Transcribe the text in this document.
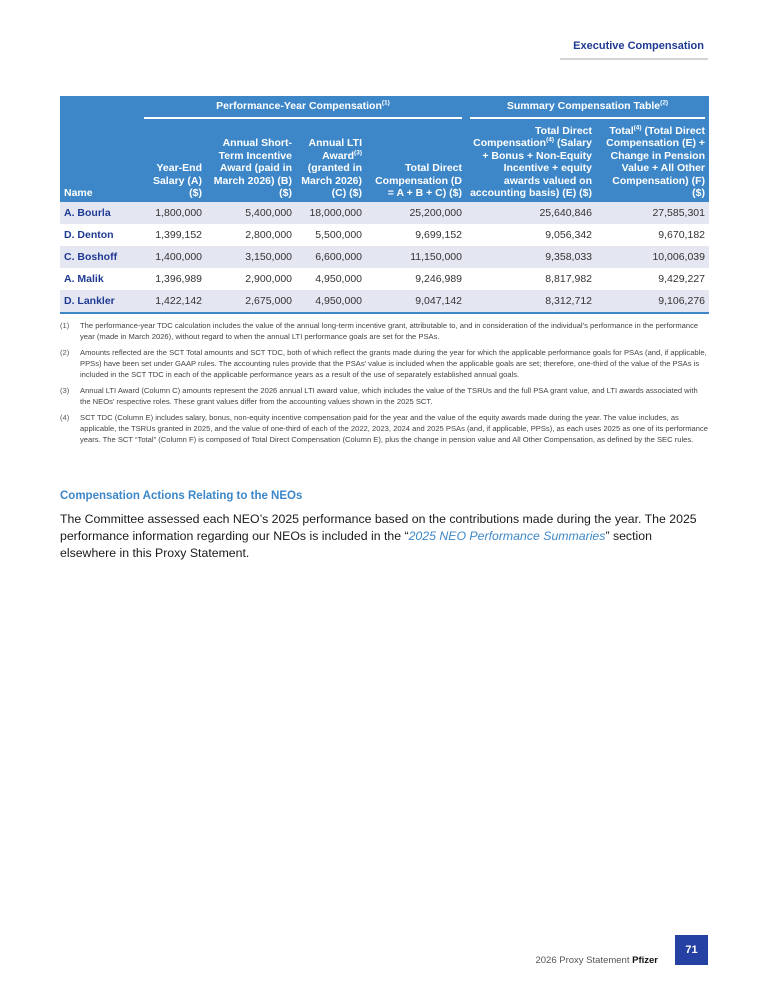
Executive Compensation

	Performance-Year Compensation$^{(1)}$				Summary Compensation Table$^{(2)}$

Name	Year-End Salary (A) ($)	Annual Short-Term Incentive Award (paid in March 2026) (B) ($)	Annual LTI Award$^{(3)}$ (granted in March 2026) (C) ($)	Total Direct Compensation (D = A + B + C) ($)	Total Direct Compensation$^{(4)}$ (Salary + Bonus + Non-Equity Incentive + equity awards valued on accounting basis) (E) ($)	Total$^{(4)}$ (Total Direct Compensation (E) + Change in Pension Value + All Other Compensation) (F) ($)
A. Bourla	1,800,000	5,400,000	18,000,000	25,200,000	25,640,846	27,585,301
D. Denton	1,399,152	2,800,000	5,500,000	9,699,152	9,056,342	9,670,182
C. Boshoff	1,400,000	3,150,000	6,600,000	11,150,000	9,358,033	10,006,039
A. Malik	1,396,989	2,900,000	4,950,000	9,246,989	8,817,982	9,429,227
D. Lankler	1,422,142	2,675,000	4,950,000	9,047,142	8,312,712	9,106,276
(1)	The performance-year TDC calculation includes the value of the annual long-term incentive grant, attributable to, and in consideration of the individual’s performance in the performance year (made in March 2026), without regard to when the annual LTI performance goals are set for the PSAs.
(2)	Amounts reflected are the SCT Total amounts and SCT TDC, both of which reflect the grants made during the year for which the applicable performance goals for PSAs (and, if applicable, PPSs) have been set under GAAP rules. The accounting rules provide that the PSAs’ value is included when the applicable goals are set; therefore, one-third of the value of the PSAs is included in the SCT TDC in each of the applicable performance years as a result of the use of separately established annual goals.
(3)	Annual LTI Award (Column C) amounts represent the 2026 annual LTI award value, which includes the value of the TSRUs and the full PSA grant value, and LTI awards associated with the NEOs’ respective roles. These grant values differ from the accounting values shown in the 2025 SCT.
(4)	SCT TDC (Column E) includes salary, bonus, non-equity incentive compensation paid for the year and the value of the equity awards made during the year. The value includes, as applicable, the TSRUs granted in 2025, and the value of one-third of each of the 2022, 2023, 2024 and 2025 PSAs (and, if applicable, PPSs), as each uses 2025 as one of its performance years. The SCT “Total” (Column F) is composed of Total Direct Compensation (Column E), plus the change in pension value and All Other Compensation, as defined by the SEC rules.
Compensation Actions Relating to the NEOs
The Committee assessed each NEO’s 2025 performance based on the contributions made during the year. The 2025 performance information regarding our NEOs is included in the “2025 NEO Performance Summaries” section elsewhere in this Proxy Statement.
2026 Proxy Statement Pfizer
71
